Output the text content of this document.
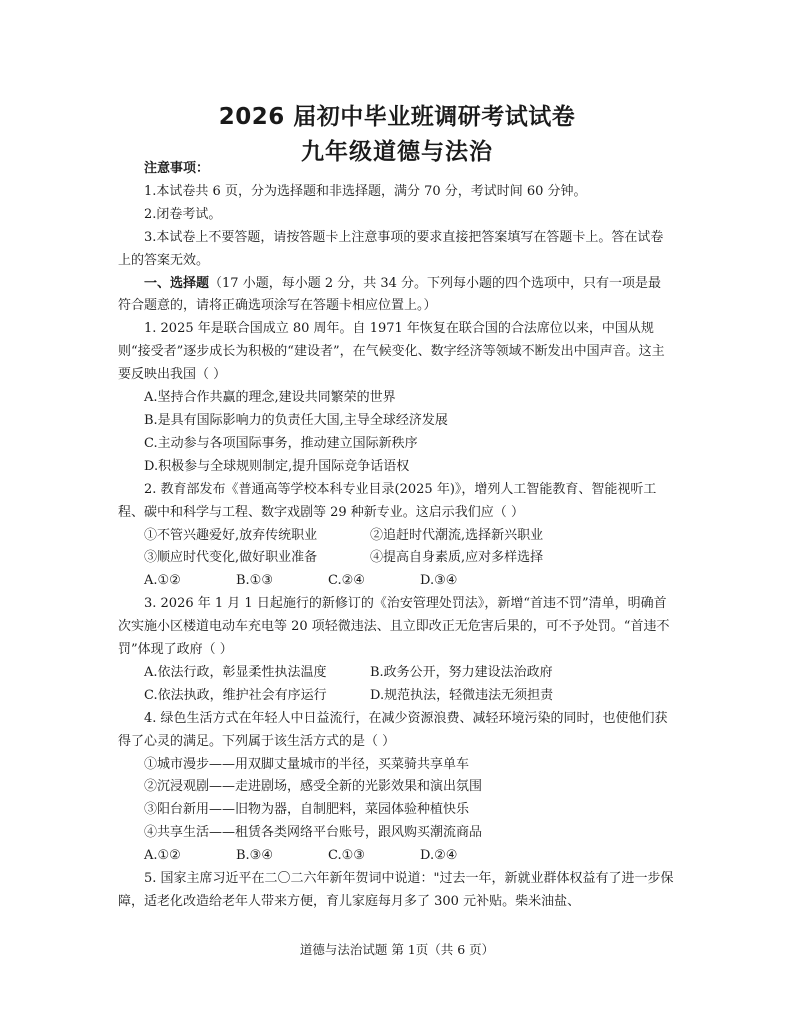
2026 届初中毕业班调研考试试卷
九年级道德与法治

注意事项：

1.本试卷共 6 页，分为选择题和非选择题，满分 70 分，考试时间 60 分钟。

2.闭卷考试。

3.本试卷上不要答题，请按答题卡上注意事项的要求直接把答案填写在答题卡上。答在试卷上的答案无效。

一、选择题（17 小题，每小题 2 分，共 34 分。下列每小题的四个选项中，只有一项是最符合题意的，请将正确选项涂写在答题卡相应位置上。）

1. 2025 年是联合国成立 80 周年。自 1971 年恢复在联合国的合法席位以来，中国从规则“接受者”逐步成长为积极的“建设者”，在气候变化、数字经济等领域不断发出中国声音。这主要反映出我国（ ）

A.坚持合作共赢的理念,建设共同繁荣的世界

B.是具有国际影响力的负责任大国,主导全球经济发展

C.主动参与各项国际事务，推动建立国际新秩序

D.积极参与全球规则制定,提升国际竞争话语权

2. 教育部发布《普通高等学校本科专业目录(2025 年)》，增列人工智能教育、智能视听工程、碳中和科学与工程、数字戏剧等 29 种新专业。这启示我们应（ ）

①不管兴趣爱好,放弃传统职业	②追赶时代潮流,选择新兴职业
③顺应时代变化,做好职业准备	④提高自身素质,应对多样选择
A.①②	B.①③	C.②④	D.③④

3. 2026 年 1 月 1 日起施行的新修订的《治安管理处罚法》，新增“首违不罚”清单，明确首次实施小区楼道电动车充电等 20 项轻微违法、且立即改正无危害后果的，可不予处罚。“首违不罚”体现了政府（ ）

A.依法行政，彰显柔性执法温度	B.政务公开，努力建设法治政府
C.依法执政，维护社会有序运行	D.规范执法，轻微违法无须担责

4. 绿色生活方式在年轻人中日益流行，在减少资源浪费、减轻环境污染的同时，也使他们获得了心灵的满足。下列属于该生活方式的是（ ）

①城市漫步——用双脚丈量城市的半径，买菜骑共享单车

②沉浸观剧——走进剧场，感受全新的光影效果和演出氛围

③阳台新用——旧物为器，自制肥料，菜园体验种植快乐

④共享生活——租赁各类网络平台账号，跟风购买潮流商品

A.①②	B.③④	C.①③	D.②④

5. 国家主席习近平在二〇二六年新年贺词中说道："过去一年，新就业群体权益有了进一步保障，适老化改造给老年人带来方便，育儿家庭每月多了 300 元补贴。柴米油盐、

道德与法治试题 第 1页（共 6 页）
